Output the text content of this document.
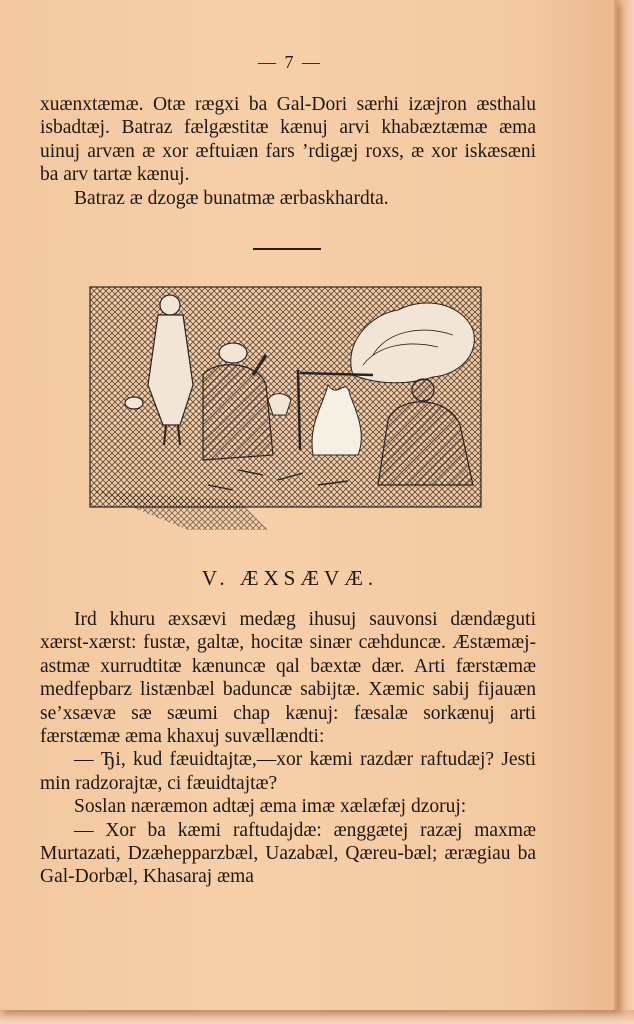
— 7 —

xuænxtæmæ. Otæ rægxi ba Gal-Dori særhi izæjron æsthalu isbadtæj. Batraz fælgæstitæ kænuj arvi khabæztæmæ æma uinuj arvæn æ xor æftuiæn fars ’rdigæj roxs, æ xor iskæsæni ba arv tartæ kænuj.

Batraz æ dzogæ bunatmæ ærbaskhardta.

V. ÆXSÆVÆ.

Ird khuru æxsævi medæg ihusuj sauvonsi dændæguti xærst-xærst: fustæ, galtæ, hocitæ sinær cæhduncæ. Æstæmæj-astmæ xurrudtitæ kænuncæ qal bæxtæ dær. Arti færstæmæ medfepbarz listænbæl baduncæ sabijtæ. Xæmic sabij fijauæn se’xsævæ sæ sæumi chap kænuj: fæsalæ sorkænuj arti færstæmæ æma khaxuj suvællændti:

— Ђi, kud fæuidtajtæ,—xor kæmi razdær raftudæj? Jesti min radzorajtæ, ci fæuidtajtæ?

Soslan næræmon adtæj æma imæ xælæfæj dzoruj:

— Xor ba kæmi raftudajdæ: ænggætej razæj maxmæ Murtazati, Dzæhepparzbæl, Uazabæl, Qæreu-bæl; ærægiau ba Gal-Dorbæl, Khasaraj æma
